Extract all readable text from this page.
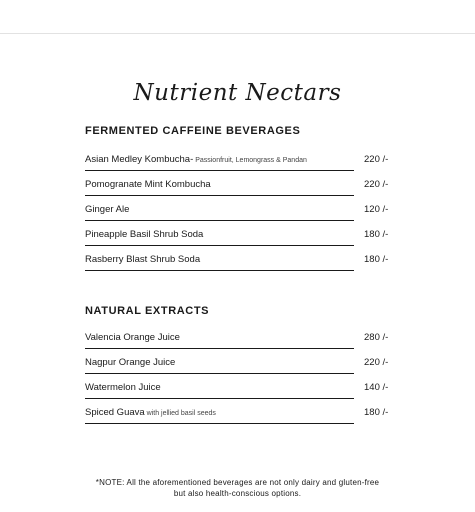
Nutrient Nectars
FERMENTED CAFFEINE BEVERAGES
Asian Medley Kombucha- Passionfruit, Lemongrass & Pandan	220 /-
Pomogranate Mint Kombucha	220 /-
Ginger Ale	120 /-
Pineapple Basil Shrub Soda	180 /-
Rasberry Blast Shrub Soda	180 /-
NATURAL EXTRACTS
Valencia Orange Juice	280 /-
Nagpur Orange Juice	220 /-
Watermelon Juice	140 /-
Spiced Guava with jellied basil seeds	180 /-

*NOTE: All the aforementioned beverages are not only dairy and gluten-free but also health-conscious options.
